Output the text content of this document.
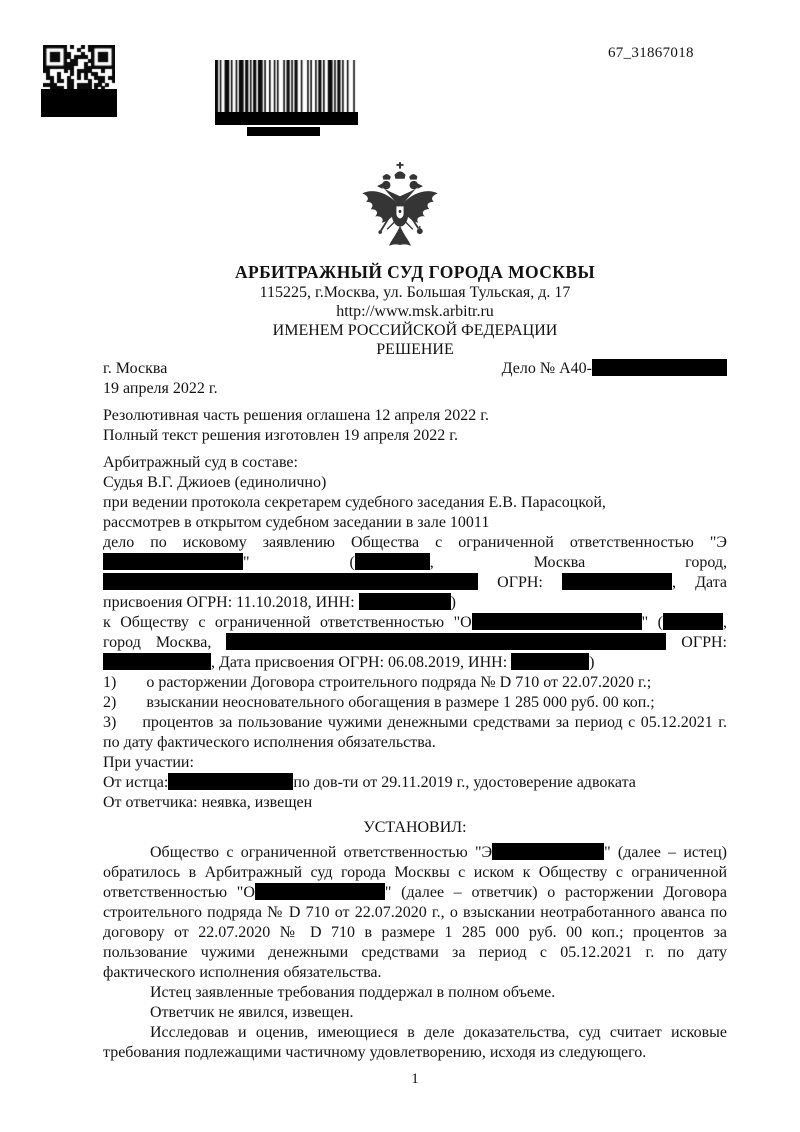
67_31867018
АРБИТРАЖНЫЙ СУД ГОРОДА МОСКВЫ
115225, г.Москва, ул. Большая Тульская, д. 17
http://www.msk.arbitr.ru
ИМЕНЕМ РОССИЙСКОЙ ФЕДЕРАЦИИ
РЕШЕНИЕ
г. Москва	Дело № А40-
19 апреля 2022 г.
Резолютивная часть решения оглашена 12 апреля 2022 г.
Полный текст решения изготовлен 19 апреля 2022 г.
Арбитражный суд в составе:
Судья В.Г. Джиоев (единолично)
при ведении протокола секретарем судебного заседания Е.В. Парасоцкой,
рассмотрев в открытом судебном заседании в зале 10011
дело по исковому заявлению Общества с ограниченной ответственностью "Э" (	, Москва город,  ОГРН:	, Дата присвоения ОГРН: 11.10.2018, ИНН:	)
к Обществу с ограниченной ответственностью "О	" (	, город Москва,	ОГРН: , Дата присвоения ОГРН: 06.08.2019, ИНН:	)
1) о расторжении Договора строительного подряда № D 710 от 22.07.2020 г.;
2) взыскании неосновательного обогащения в размере 1 285 000 руб. 00 коп.;
3) процентов за пользование чужими денежными средствами за период с 05.12.2021 г. по дату фактического исполнения обязательства.
При участии:
От истца:	по дов-ти от 29.11.2019 г., удостоверение адвоката
От ответчика: неявка, извещен
УСТАНОВИЛ:
Общество с ограниченной ответственностью "Э	" (далее – истец) обратилось в Арбитражный суд города Москвы с иском к Обществу с ограниченной ответственностью "О	" (далее – ответчик) о расторжении Договора строительного подряда № D 710 от 22.07.2020 г., о взыскании неотработанного аванса по договору от 22.07.2020 № D 710 в размере 1 285 000 руб. 00 коп.; процентов за пользование чужими денежными средствами за период с 05.12.2021 г. по дату фактического исполнения обязательства.
Истец заявленные требования поддержал в полном объеме.
Ответчик не явился, извещен.
Исследовав и оценив, имеющиеся в деле доказательства, суд считает исковые требования подлежащими частичному удовлетворению, исходя из следующего.
1
